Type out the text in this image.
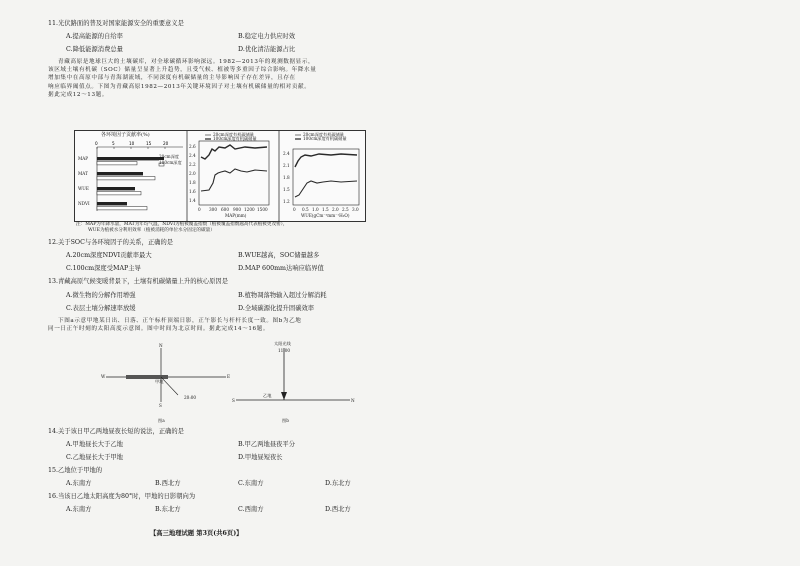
11.光伏路面的普及对国家能源安全的重要意义是
A.提高能源的自给率	B.稳定电力供应时效
C.降低能源消费总量	D.优化清洁能源占比
青藏高原是地球巨大的土壤碳库，对全球碳循环影响深远。1982—2013年的观测数据显示，
该区域土壤有机碳（SOC）储量呈显著上升趋势，且受气候、植被等多重因子综合影响。年降水量
增加集中在高原中部与青海湖流域，不同深度有机碳储量的主导影响因子存在差异，且存在
响应临界阈值点。下图为青藏高原1982—2013年关键环境因子对土壤有机碳储量的相对贡献。
据此完成12～13题。
0	5	10	15	20
各环境因子贡献率(%)
20cm深度
100cm深度
MAP
MAT
WUE
NDVI
20cm深度有机碳储量
100cm深度有机碳储量
2.6
2.4
2.2
2.0
1.8
1.6
1.4
0 300 600 900 1200 1500
MAP(mm)
20cm深度有机碳储量
100cm深度有机碳储量
2.4
2.1
1.8
1.5
1.2
0 0.5 1.0 1.5 2.0 2.5 3.0
WUE(gCm⁻²mm⁻¹H₂O)
注：MAP为年降水量，MAT为年均气温，NDVI为植被覆盖指数（植被覆盖指数越高代表植被更茂密），
WUE为植被水分利用效率（植被消耗的单位水分固定的碳量）
12.关于SOC与各环境因子的关系，正确的是
A.20cm深度NDVI贡献率最大	B.WUE越高，SOC储量越多
C.100cm深度受MAP主导	D.MAP 600mm达响应临界值
13.青藏高原气候变暖背景下，土壤有机碳储量上升的核心原因是
A.微生物的分解作用增强	B.植物凋落物输入超过分解消耗
C.表层土壤分解速率放缓	D.全域碳源化提升固碳效率
下图a示意甲地某日出、日落、正午标杆顶端日影，正午影长与杆杆长度一致。图b为乙地
同一日正午时刻的太阳高度示意图。图中时间为北京时间。据此完成14～16题。
N
S
W	E
甲地
20:00
图a
太阳光线
11:00
S	N
乙地
图b
14.关于该日甲乙两地昼夜长短的说法，正确的是
A.甲地昼长大于乙地	B.甲乙两地昼夜平分
C.乙地昼长大于甲地	D.甲地昼短夜长
15.乙地位于甲地的
A.东南方	B.西北方	C.东南方	D.东北方
16.当该日乙地太阳高度为80°时，甲地的日影朝向为
A.东南方	B.东北方	C.西南方	D.西北方
【高三地理试题 第3页(共6页)】
